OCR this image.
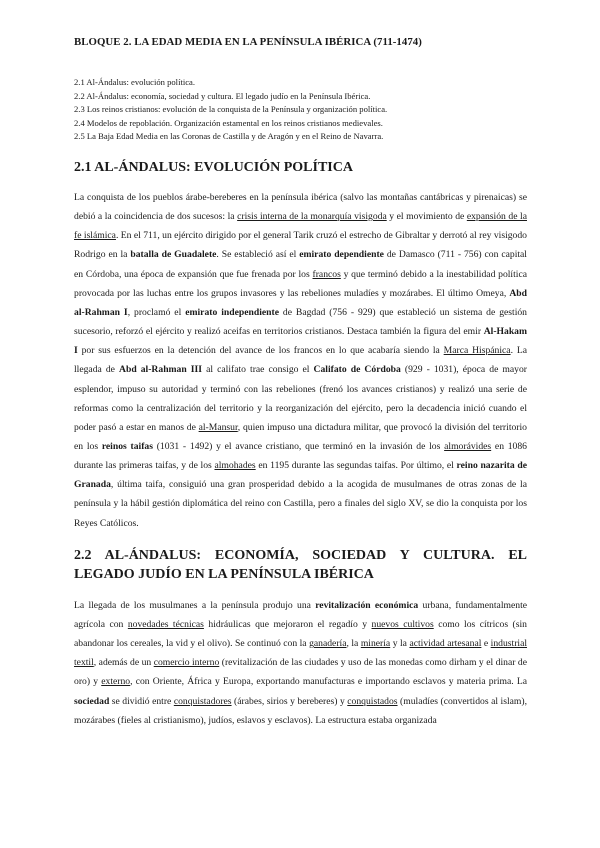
BLOQUE 2. LA EDAD MEDIA EN LA PENÍNSULA IBÉRICA (711-1474)
2.1 Al-Ándalus: evolución política.
2.2 Al-Ándalus: economía, sociedad y cultura. El legado judío en la Península Ibérica.
2.3 Los reinos cristianos: evolución de la conquista de la Península y organización política.
2.4 Modelos de repoblación. Organización estamental en los reinos cristianos medievales.
2.5 La Baja Edad Media en las Coronas de Castilla y de Aragón y en el Reino de Navarra.
2.1 AL-ÁNDALUS: EVOLUCIÓN POLÍTICA

La conquista de los pueblos árabe-bereberes en la península ibérica (salvo las montañas cantábricas y pirenaicas) se debió a la coincidencia de dos sucesos: la crisis interna de la monarquía visigoda y el movimiento de expansión de la fe islámica. En el 711, un ejército dirigido por el general Tarik cruzó el estrecho de Gibraltar y derrotó al rey visigodo Rodrigo en la batalla de Guadalete. Se estableció así el emirato dependiente de Damasco (711 - 756) con capital en Córdoba, una época de expansión que fue frenada por los francos y que terminó debido a la inestabilidad política provocada por las luchas entre los grupos invasores y las rebeliones muladíes y mozárabes. El último Omeya, Abd al-Rahman I, proclamó el emirato independiente de Bagdad (756 - 929) que estableció un sistema de gestión sucesorio, reforzó el ejército y realizó aceifas en territorios cristianos. Destaca también la figura del emir Al-Hakam I por sus esfuerzos en la detención del avance de los francos en lo que acabaría siendo la Marca Hispánica. La llegada de Abd al-Rahman III al califato trae consigo el Califato de Córdoba (929 - 1031), época de mayor esplendor, impuso su autoridad y terminó con las rebeliones (frenó los avances cristianos) y realizó una serie de reformas como la centralización del territorio y la reorganización del ejército, pero la decadencia inició cuando el poder pasó a estar en manos de al-Mansur, quien impuso una dictadura militar, que provocó la división del territorio en los reinos taifas (1031 - 1492) y el avance cristiano, que terminó en la invasión de los almorávides en 1086 durante las primeras taifas, y de los almohades en 1195 durante las segundas taifas. Por último, el reino nazarita de Granada, última taifa, consiguió una gran prosperidad debido a la acogida de musulmanes de otras zonas de la península y la hábil gestión diplomática del reino con Castilla, pero a finales del siglo XV, se dio la conquista por los Reyes Católicos.

2.2 AL-ÁNDALUS: ECONOMÍA, SOCIEDAD Y CULTURA. EL LEGADO JUDÍO EN LA PENÍNSULA IBÉRICA

La llegada de los musulmanes a la península produjo una revitalización económica urbana, fundamentalmente agrícola con novedades técnicas hidráulicas que mejoraron el regadío y nuevos cultivos como los cítricos (sin abandonar los cereales, la vid y el olivo). Se continuó con la ganadería, la minería y la actividad artesanal e industrial textil, además de un comercio interno (revitalización de las ciudades y uso de las monedas como dirham y el dinar de oro) y externo, con Oriente, África y Europa, exportando manufacturas e importando esclavos y materia prima. La sociedad se dividió entre conquistadores (árabes, sirios y bereberes) y conquistados (muladíes (convertidos al islam), mozárabes (fieles al cristianismo), judíos, eslavos y esclavos). La estructura estaba organizada
